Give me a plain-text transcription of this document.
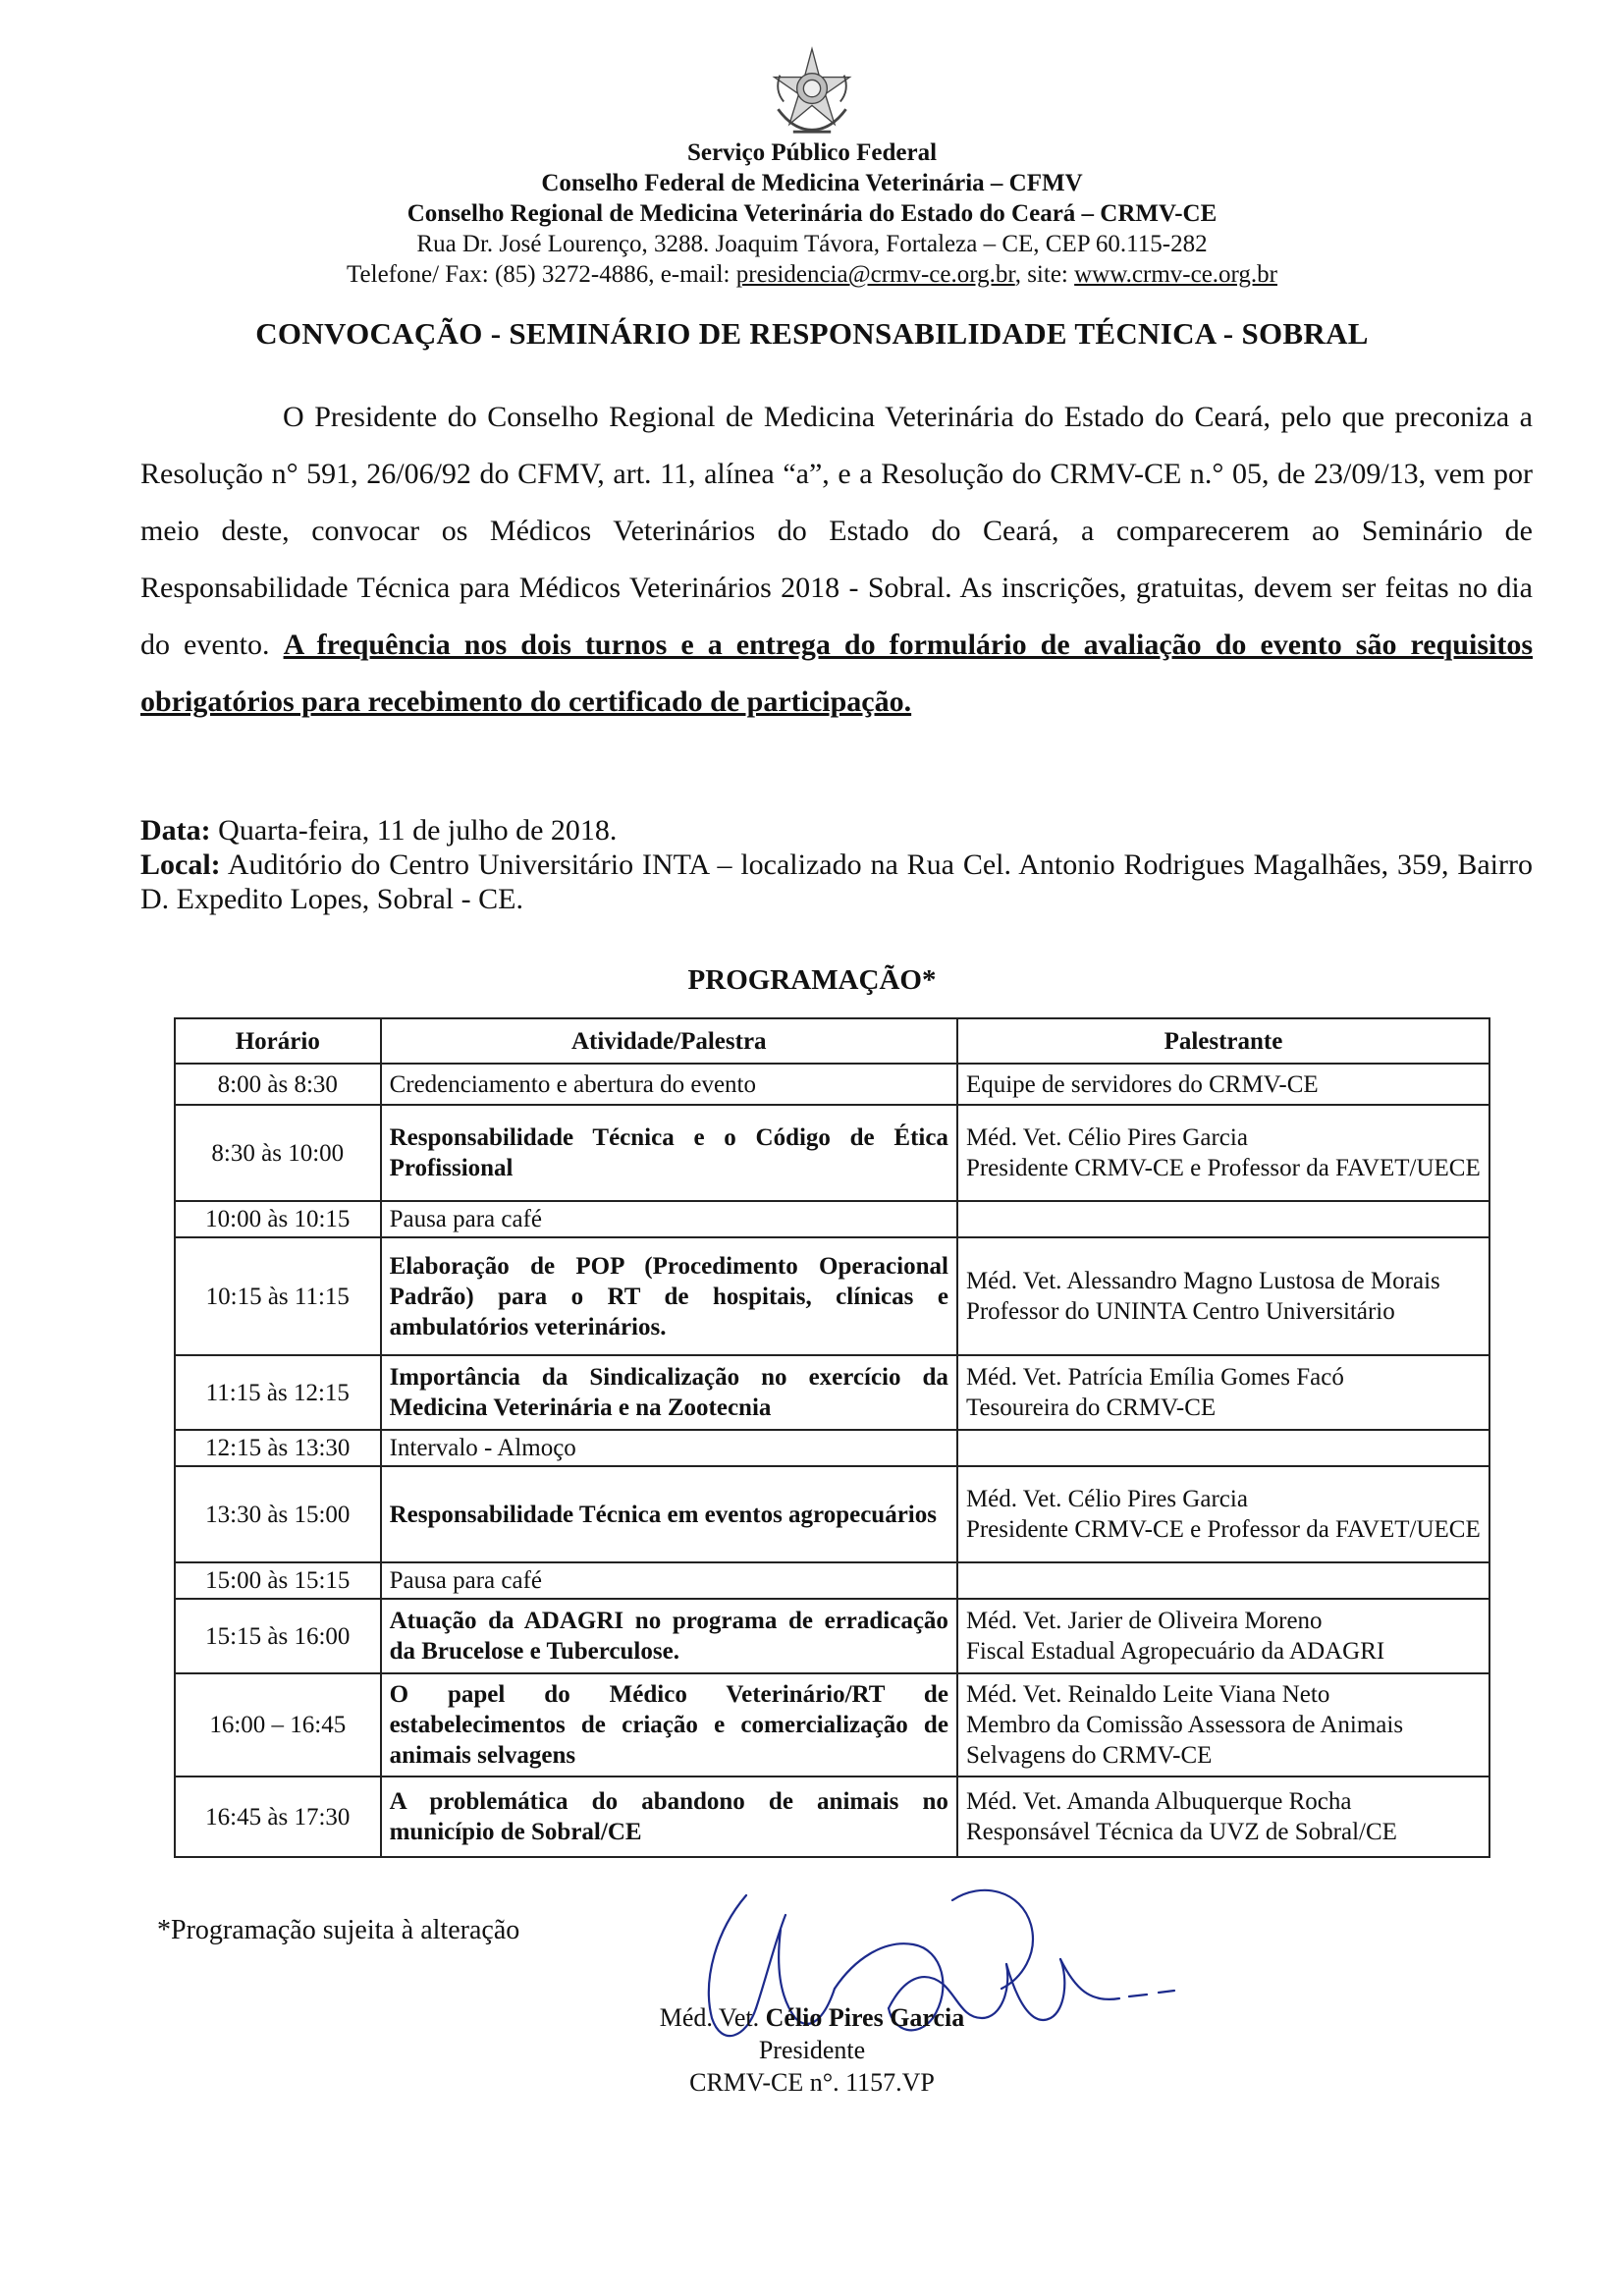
Serviço Público Federal
Conselho Federal de Medicina Veterinária – CFMV
Conselho Regional de Medicina Veterinária do Estado do Ceará – CRMV-CE
Rua Dr. José Lourenço, 3288. Joaquim Távora, Fortaleza – CE, CEP 60.115-282
Telefone/ Fax: (85) 3272-4886, e-mail: presidencia@crmv-ce.org.br, site: www.crmv-ce.org.br
CONVOCAÇÃO - SEMINÁRIO DE RESPONSABILIDADE TÉCNICA - SOBRAL

O Presidente do Conselho Regional de Medicina Veterinária do Estado do Ceará, pelo que preconiza a Resolução n° 591, 26/06/92 do CFMV, art. 11, alínea “a”, e a Resolução do CRMV-CE n.° 05, de 23/09/13, vem por meio deste, convocar os Médicos Veterinários do Estado do Ceará, a comparecerem ao Seminário de Responsabilidade Técnica para Médicos Veterinários 2018 - Sobral. As inscrições, gratuitas, devem ser feitas no dia do evento. A frequência nos dois turnos e a entrega do formulário de avaliação do evento são requisitos obrigatórios para recebimento do certificado de participação.

Data: Quarta-feira, 11 de julho de 2018.
Local: Auditório do Centro Universitário INTA – localizado na Rua Cel. Antonio Rodrigues Magalhães, 359, Bairro D. Expedito Lopes, Sobral - CE.
PROGRAMAÇÃO*
Horário	Atividade/Palestra	Palestrante
8:00 às 8:30	Credenciamento e abertura do evento	Equipe de servidores do CRMV-CE

8:30 às 10:00	Responsabilidade Técnica e o Código de Ética Profissional	Méd. Vet. Célio Pires Garcia
Presidente CRMV-CE e Professor da FAVET/UECE

10:00 às 10:15	Pausa para café	
10:15 às 11:15	Elaboração de POP (Procedimento Operacional Padrão) para o RT de hospitais, clínicas e ambulatórios veterinários.	Méd. Vet. Alessandro Magno Lustosa de Morais
Professor do UNINTA Centro Universitário

11:15 às 12:15	Importância da Sindicalização no exercício da Medicina Veterinária e na Zootecnia	Méd. Vet. Patrícia Emília Gomes Facó
Tesoureira do CRMV-CE

12:15 às 13:30	Intervalo - Almoço	
13:30 às 15:00	Responsabilidade Técnica em eventos agropecuários	Méd. Vet. Célio Pires Garcia
Presidente CRMV-CE e Professor da FAVET/UECE

15:00 às 15:15	Pausa para café	
15:15 às 16:00	Atuação da ADAGRI no programa de erradicação da Brucelose e Tuberculose.	Méd. Vet. Jarier de Oliveira Moreno
Fiscal Estadual Agropecuário da ADAGRI

16:00 – 16:45	O papel do Médico Veterinário/RT de estabelecimentos de criação e comercialização de animais selvagens	Méd. Vet. Reinaldo Leite Viana Neto
Membro da Comissão Assessora de Animais Selvagens do CRMV-CE

16:45 às 17:30	A problemática do abandono de animais no município de Sobral/CE	Méd. Vet. Amanda Albuquerque Rocha
Responsável Técnica da UVZ de Sobral/CE
*Programação sujeita à alteração
Méd. Vet. Célio Pires Garcia
Presidente
CRMV-CE n°. 1157.VP
